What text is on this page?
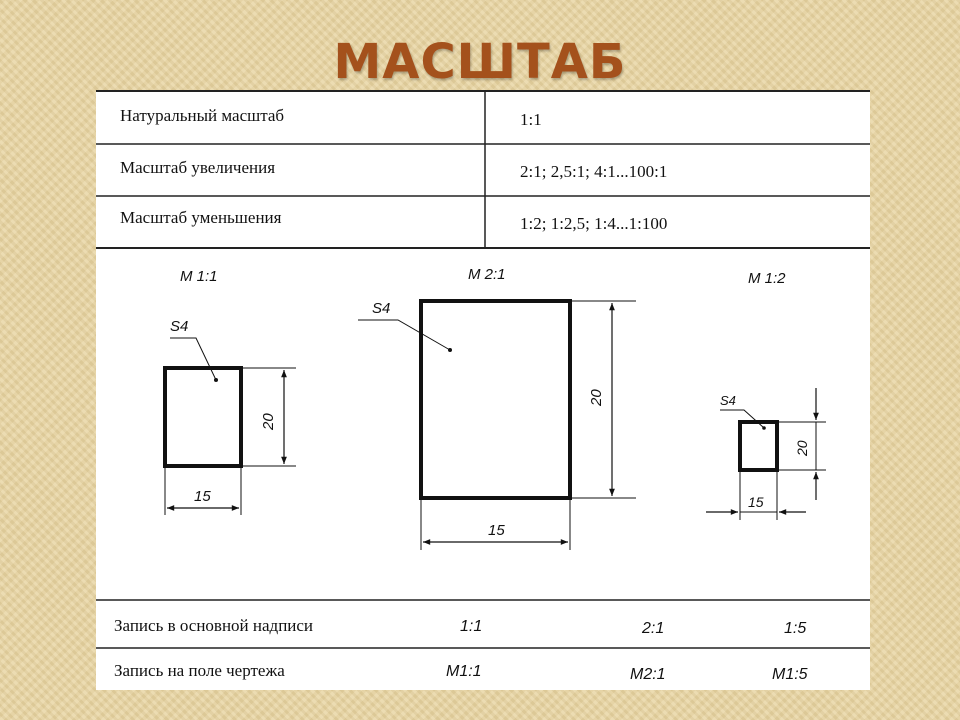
МАСШТАБ
Натуральный масштаб	1:1
Масштаб увеличения	2:1; 2,5:1; 4:1...100:1
Масштаб уменьшения	1:2; 1:2,5; 1:4...1:100
М 1:1	М 2:1	М 1:2
S4
S4
S4
20
15
20
15
20
15
Запись в основной надписи	1:1	2:1	1:5
Запись на поле чертежа	М1:1	М2:1	М1:5
